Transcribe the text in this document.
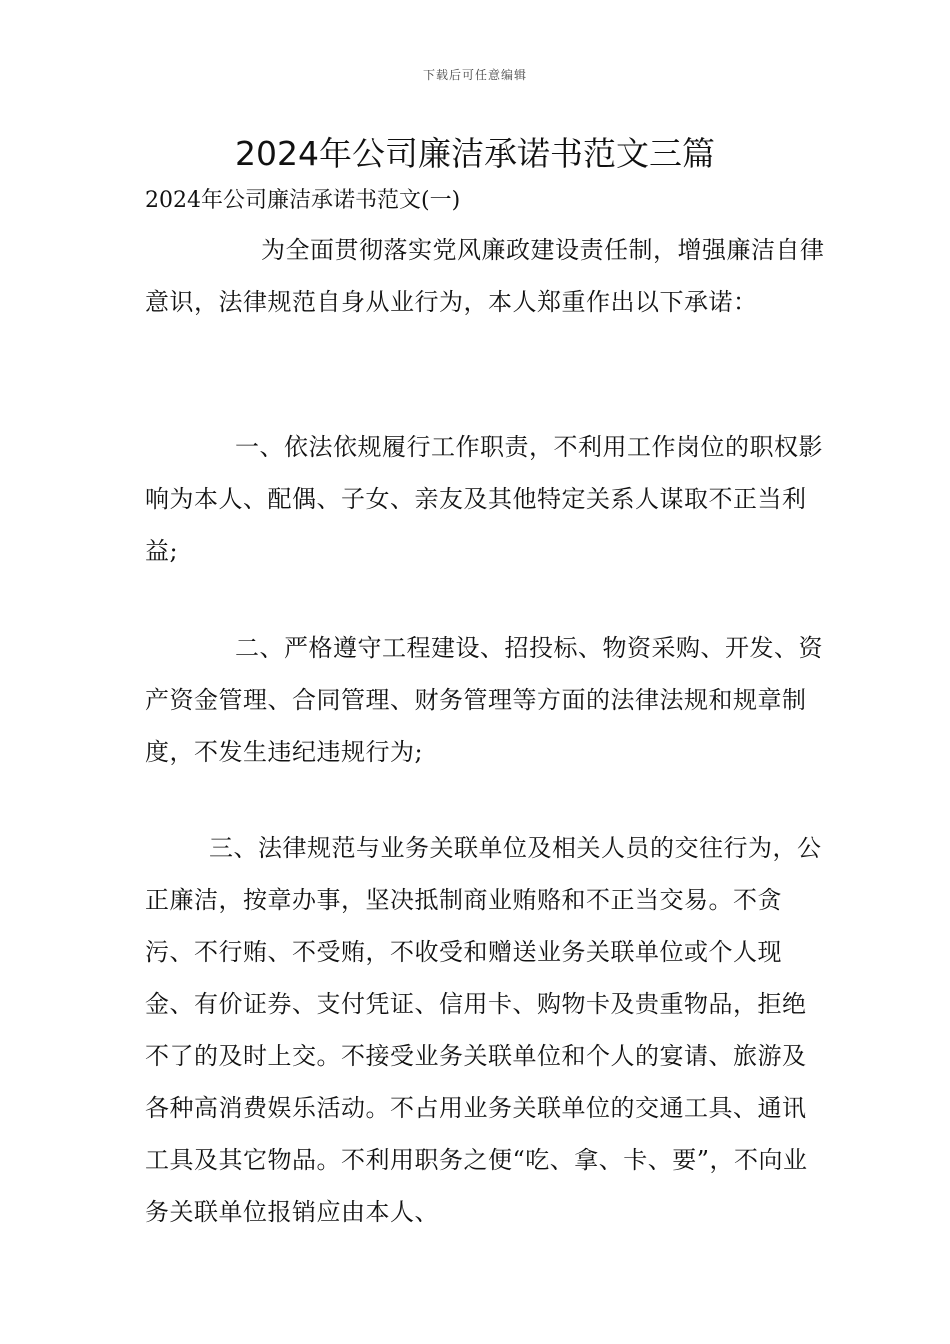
下载后可任意编辑
2024年公司廉洁承诺书范文三篇
2024年公司廉洁承诺书范文(一)

为全面贯彻落实党风廉政建设责任制，增强廉洁自律意识，法律规范自身从业行为，本人郑重作出以下承诺：

一、依法依规履行工作职责，不利用工作岗位的职权影响为本人、配偶、子女、亲友及其他特定关系人谋取不正当利益;

二、严格遵守工程建设、招投标、物资采购、开发、资产资金管理、合同管理、财务管理等方面的法律法规和规章制度，不发生违纪违规行为;

三、法律规范与业务关联单位及相关人员的交往行为，公正廉洁，按章办事，坚决抵制商业贿赂和不正当交易。不贪污、不行贿、不受贿，不收受和赠送业务关联单位或个人现金、有价证券、支付凭证、信用卡、购物卡及贵重物品，拒绝不了的及时上交。不接受业务关联单位和个人的宴请、旅游及各种高消费娱乐活动。不占用业务关联单位的交通工具、通讯工具及其它物品。不利用职务之便“吃、拿、卡、要”，不向业务关联单位报销应由本人、
